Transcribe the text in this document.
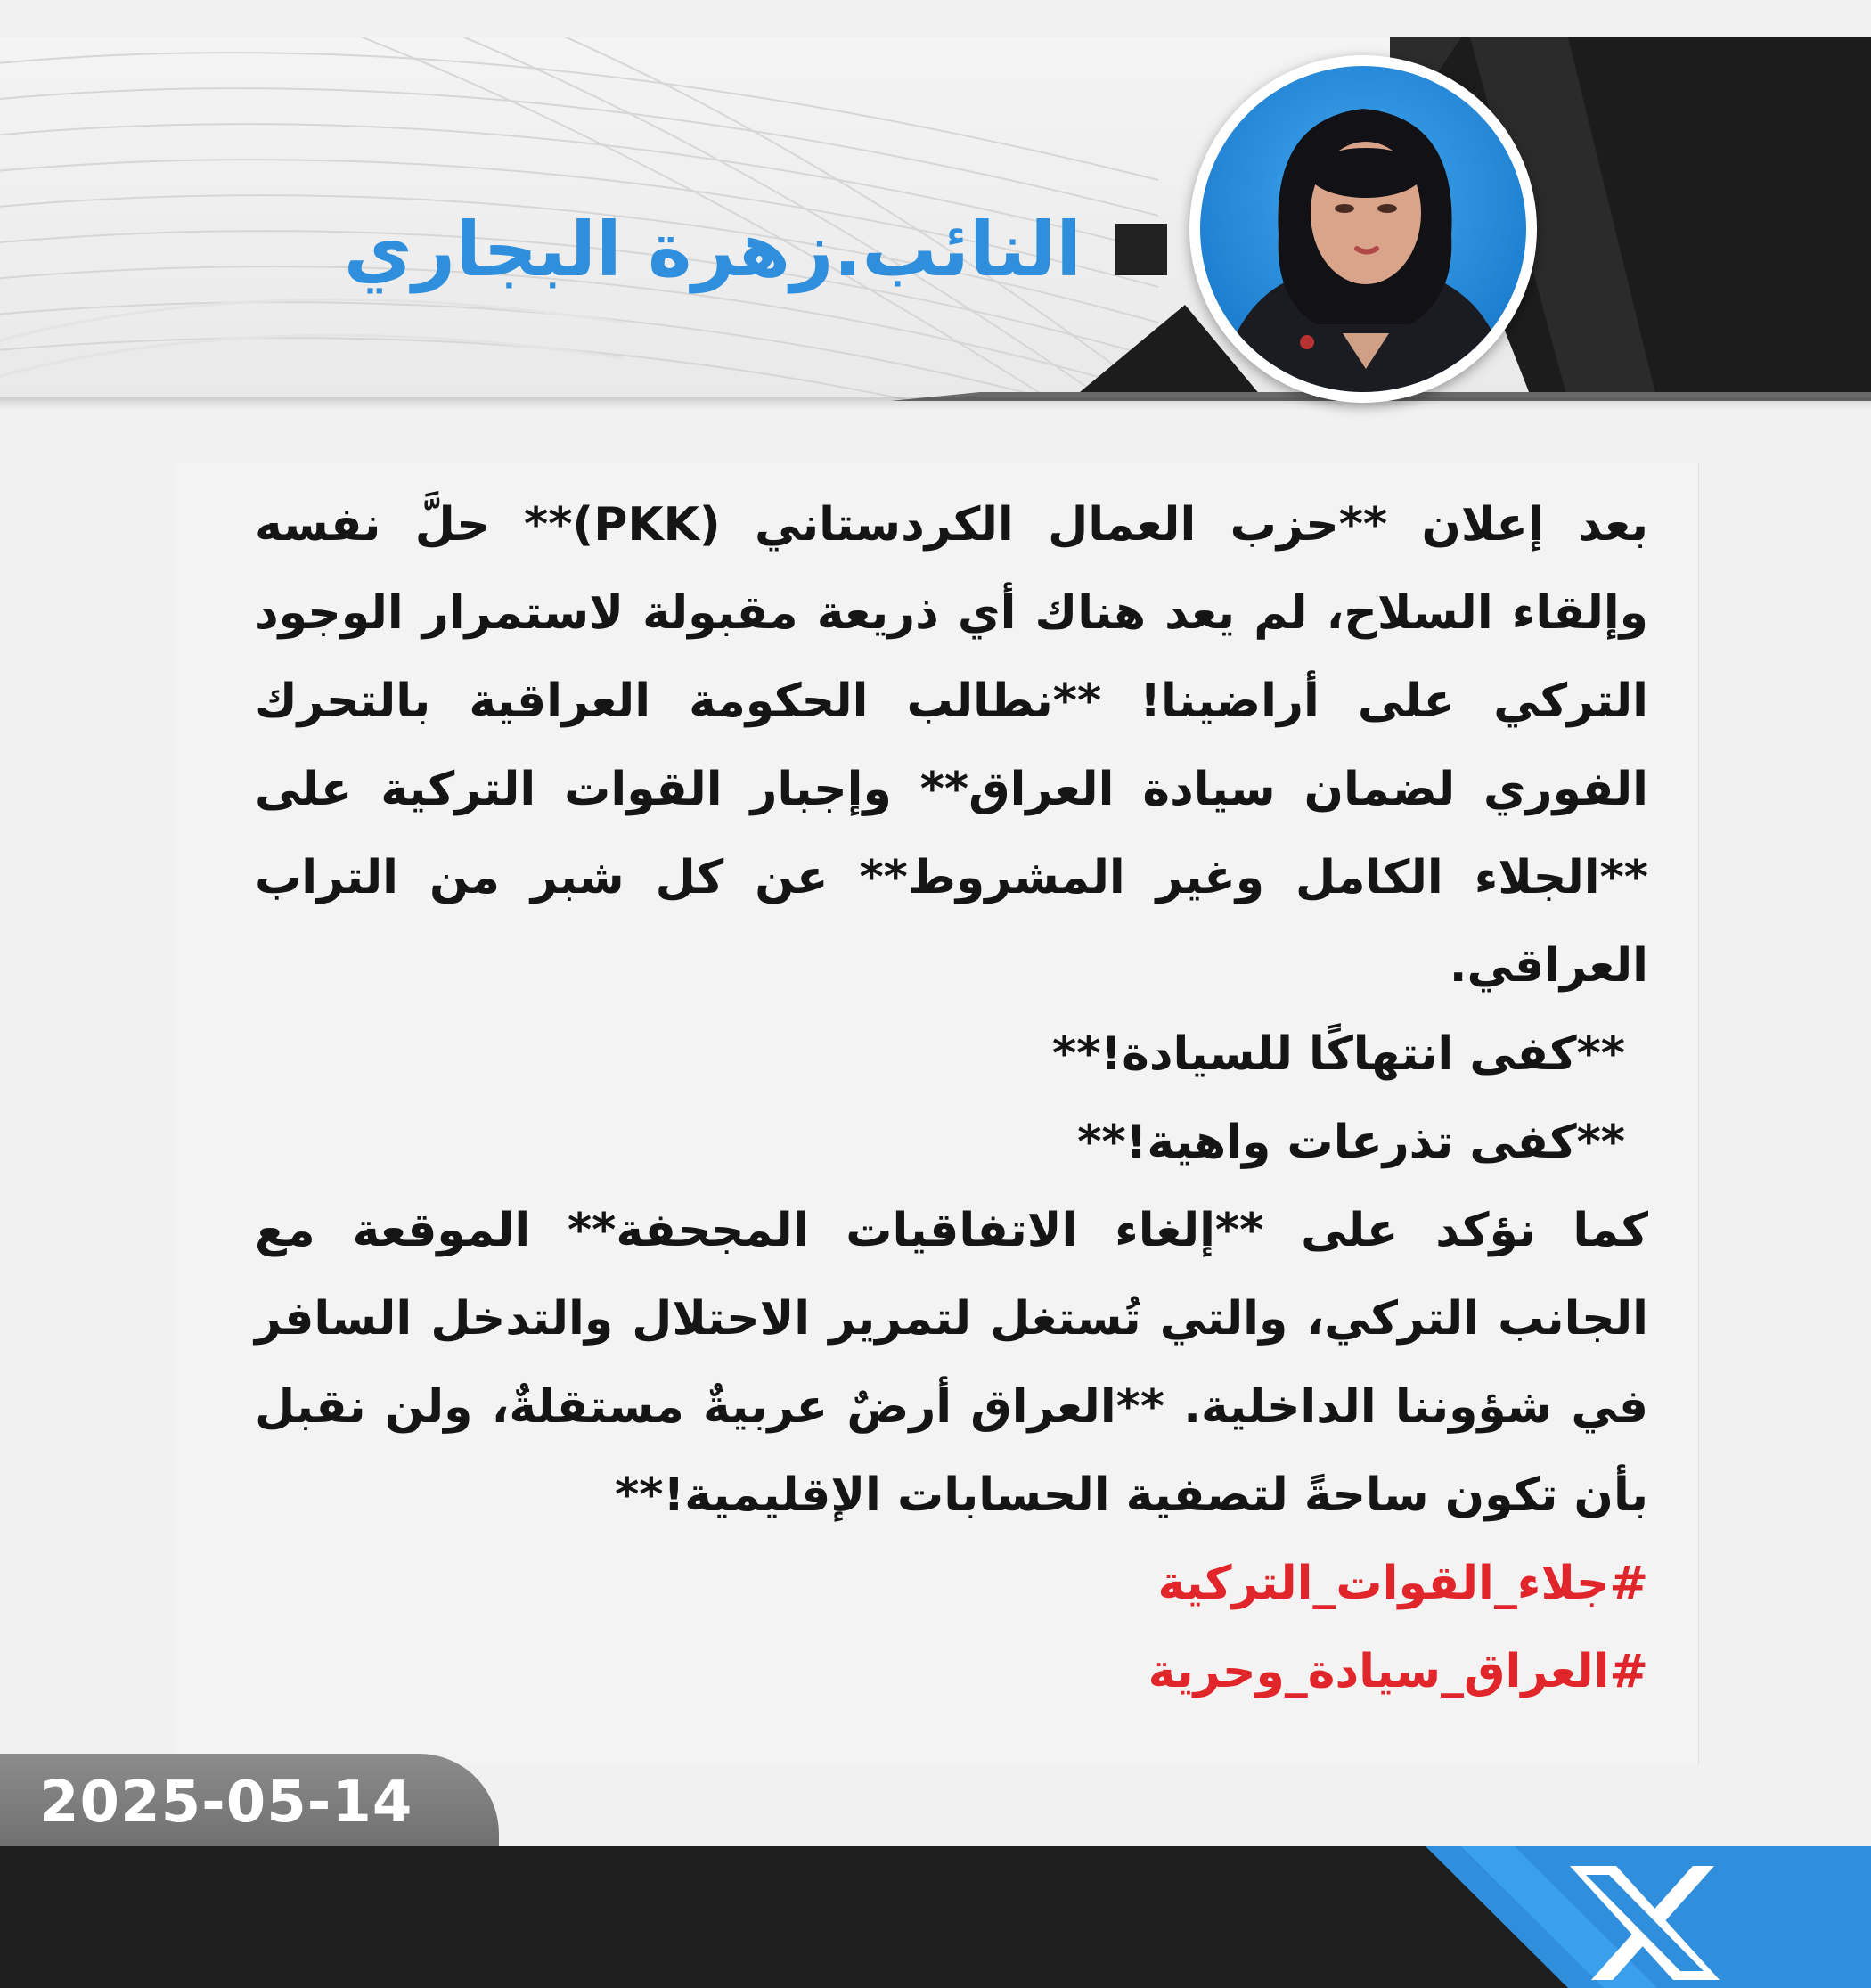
النائب.زهرة البجاري

بعد إعلان **حزب العمال الكردستاني (PKK)** حلَّ نفسه وإلقاء السلاح، لم يعد هناك أي ذريعة مقبولة لاستمرار الوجود التركي على أراضينا! **نطالب الحكومة العراقية بالتحرك الفوري لضمان سيادة العراق** وإجبار القوات التركية على **الجلاء الكامل وغير المشروط** عن كل شبر من التراب العراقي.

**كفى انتهاكًا للسيادة!**

**كفى تذرعات واهية!**

كما نؤكد على **إلغاء الاتفاقيات المجحفة** الموقعة مع الجانب التركي، والتي تُستغل لتمرير الاحتلال والتدخل السافر في شؤوننا الداخلية. **العراق أرضٌ عربيةٌ مستقلةٌ، ولن نقبل بأن تكون ساحةً لتصفية الحسابات الإقليمية!**

#جلاء_القوات_التركية

#العراق_سيادة_وحرية

2025-05-14
